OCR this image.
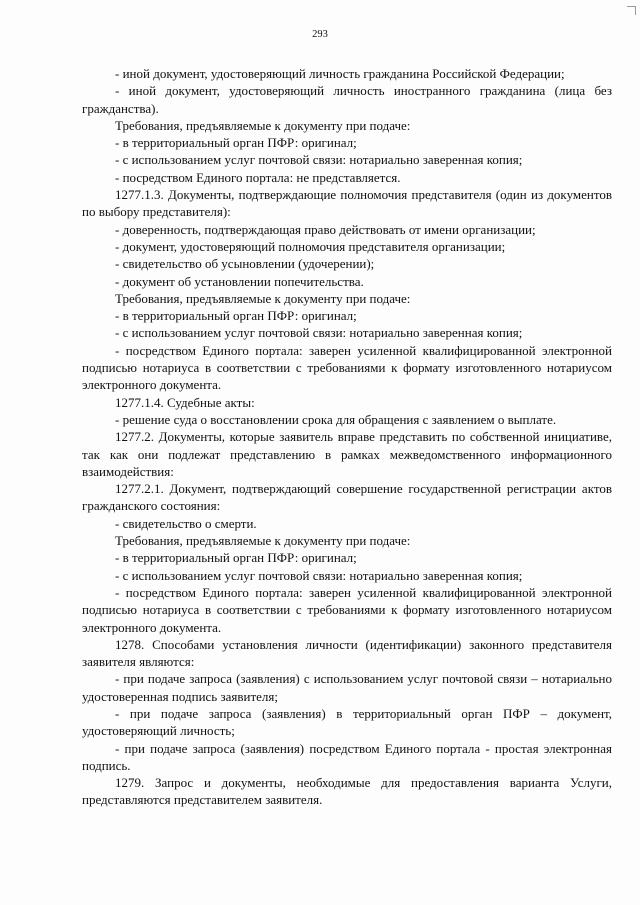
293

- иной документ, удостоверяющий личность гражданина Российской Федерации;

- иной документ, удостоверяющий личность иностранного гражданина (лица без гражданства).

Требования, предъявляемые к документу при подаче:

- в территориальный орган ПФР: оригинал;

- с использованием услуг почтовой связи: нотариально заверенная копия;

- посредством Единого портала: не представляется.

1277.1.3. Документы, подтверждающие полномочия представителя (один из документов по выбору представителя):

- доверенность, подтверждающая право действовать от имени организации;

- документ, удостоверяющий полномочия представителя организации;

- свидетельство об усыновлении (удочерении);

- документ об установлении попечительства.

Требования, предъявляемые к документу при подаче:

- в территориальный орган ПФР: оригинал;

- с использованием услуг почтовой связи: нотариально заверенная копия;

- посредством Единого портала: заверен усиленной квалифицированной электронной подписью нотариуса в соответствии с требованиями к формату изготовленного нотариусом электронного документа.

1277.1.4. Судебные акты:

- решение суда о восстановлении срока для обращения с заявлением о выплате.

1277.2. Документы, которые заявитель вправе представить по собственной инициативе, так как они подлежат представлению в рамках межведомственного информационного взаимодействия:

1277.2.1. Документ, подтверждающий совершение государственной регистрации актов гражданского состояния:

- свидетельство о смерти.

Требования, предъявляемые к документу при подаче:

- в территориальный орган ПФР: оригинал;

- с использованием услуг почтовой связи: нотариально заверенная копия;

- посредством Единого портала: заверен усиленной квалифицированной электронной подписью нотариуса в соответствии с требованиями к формату изготовленного нотариусом электронного документа.

1278. Способами установления личности (идентификации) законного представителя заявителя являются:

- при подаче запроса (заявления) с использованием услуг почтовой связи – нотариально удостоверенная подпись заявителя;

- при подаче запроса (заявления) в территориальный орган ПФР – документ, удостоверяющий личность;

- при подаче запроса (заявления) посредством Единого портала - простая электронная подпись.

1279. Запрос и документы, необходимые для предоставления варианта Услуги, представляются представителем заявителя.
